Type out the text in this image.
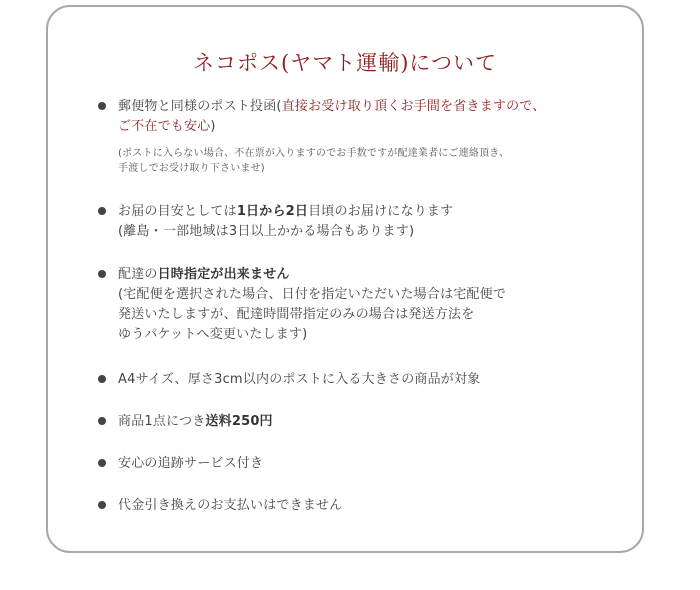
ネコポス(ヤマト運輸)について
郵便物と同様のポスト投函(直接お受け取り頂くお手間を省きますので、
ご不在でも安心)
(ポストに入らない場合、不在票が入りますのでお手数ですが配達業者にご連絡頂き、
手渡しでお受け取り下さいませ)
お届の目安としては1日から2日目頃のお届けになります
(離島・一部地域は3日以上かかる場合もあります)
配達の日時指定が出来ません
(宅配便を選択された場合、日付を指定いただいた場合は宅配便で
発送いたしますが、配達時間帯指定のみの場合は発送方法を
ゆうパケットへ変更いたします)
A4サイズ、厚さ3cm以内のポストに入る大きさの商品が対象
商品1点につき送料250円
安心の追跡サービス付き
代金引き換えのお支払いはできません
